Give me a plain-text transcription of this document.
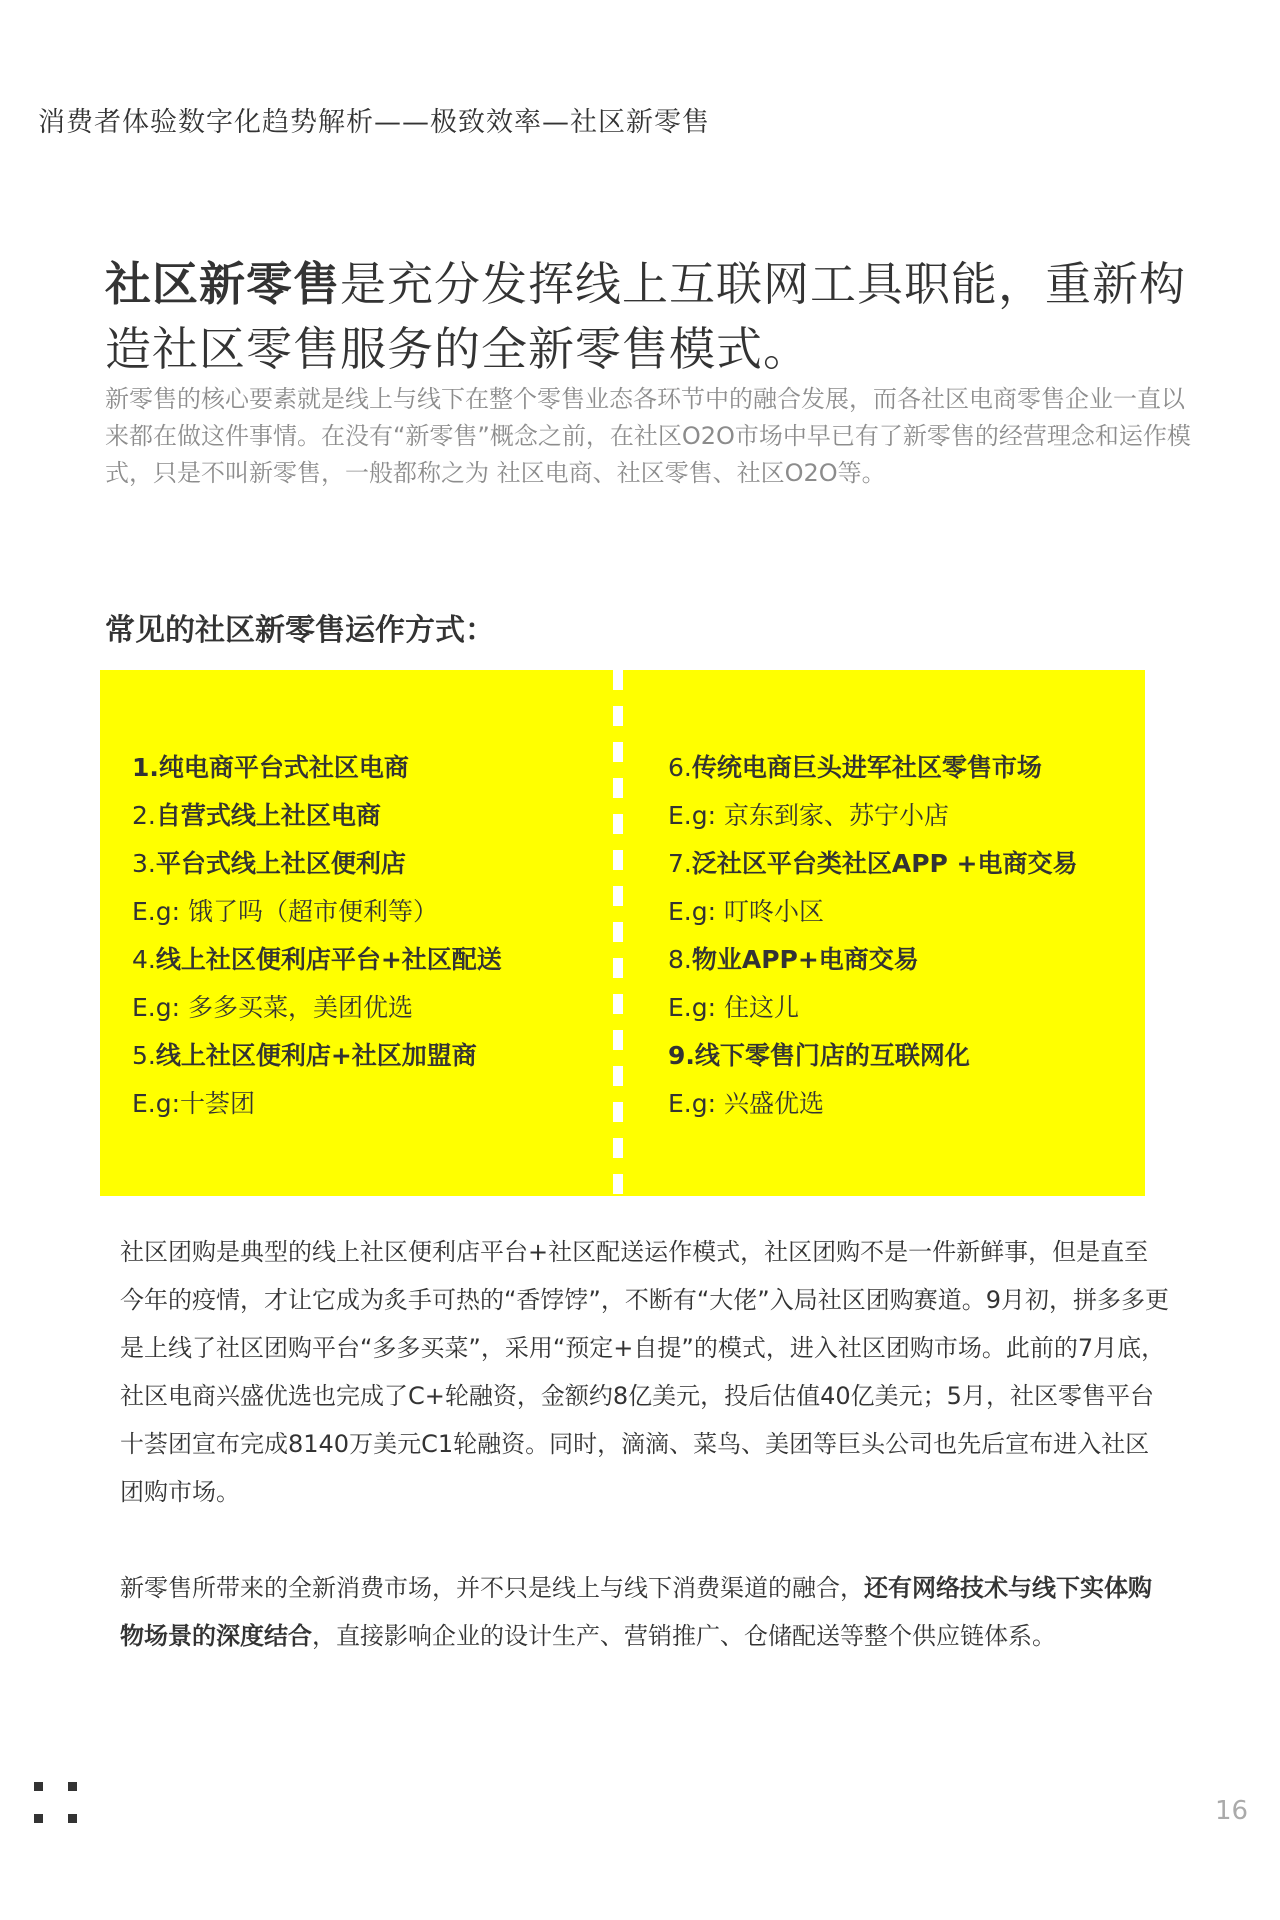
消费者体验数字化趋势解析——极致效率—社区新零售
社区新零售是充分发挥线上互联网工具职能，重新构造社区零售服务的全新零售模式。
新零售的核心要素就是线上与线下在整个零售业态各环节中的融合发展，而各社区电商零售企业一直以来都在做这件事情。在没有“新零售”概念之前，在社区O2O市场中早已有了新零售的经营理念和运作模式，只是不叫新零售，一般都称之为 社区电商、社区零售、社区O2O等。
常见的社区新零售运作方式：
1.纯电商平台式社区电商
2.自营式线上社区电商
3.平台式线上社区便利店
E.g: 饿了吗（超市便利等）
4.线上社区便利店平台+社区配送
E.g: 多多买菜，美团优选
5.线上社区便利店+社区加盟商
E.g:十荟团
6.传统电商巨头进军社区零售市场
E.g: 京东到家、苏宁小店
7.泛社区平台类社区APP +电商交易
E.g: 叮咚小区
8.物业APP+电商交易
E.g: 住这儿
9.线下零售门店的互联网化
E.g: 兴盛优选
社区团购是典型的线上社区便利店平台+社区配送运作模式，社区团购不是一件新鲜事，但是直至今年的疫情，才让它成为炙手可热的“香饽饽”，不断有“大佬”入局社区团购赛道。9月初，拼多多更是上线了社区团购平台“多多买菜”，采用“预定+自提”的模式，进入社区团购市场。此前的7月底，社区电商兴盛优选也完成了C+轮融资，金额约8亿美元，投后估值40亿美元；5月，社区零售平台十荟团宣布完成8140万美元C1轮融资。同时，滴滴、菜鸟、美团等巨头公司也先后宣布进入社区团购市场。
新零售所带来的全新消费市场，并不只是线上与线下消费渠道的融合，还有网络技术与线下实体购物场景的深度结合，直接影响企业的设计生产、营销推广、仓储配送等整个供应链体系。
16
